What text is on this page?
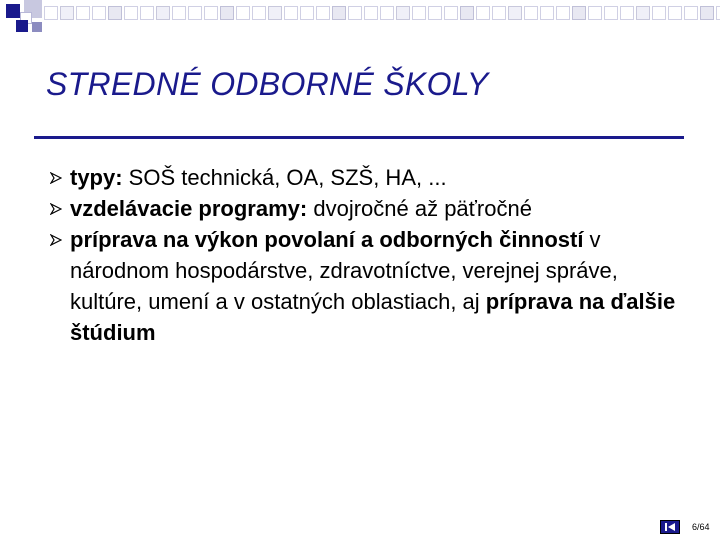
STREDNÉ ODBORNÉ ŠKOLY
typy: SOŠ technická, OA, SZŠ, HA, ...
vzdelávacie programy: dvojročné až päťročné
príprava na výkon povolaní a odborných činností v národnom hospodárstve, zdravotníctve, verejnej správe, kultúre, umení a v ostatných oblastiach, aj príprava na ďalšie štúdium
6/64
